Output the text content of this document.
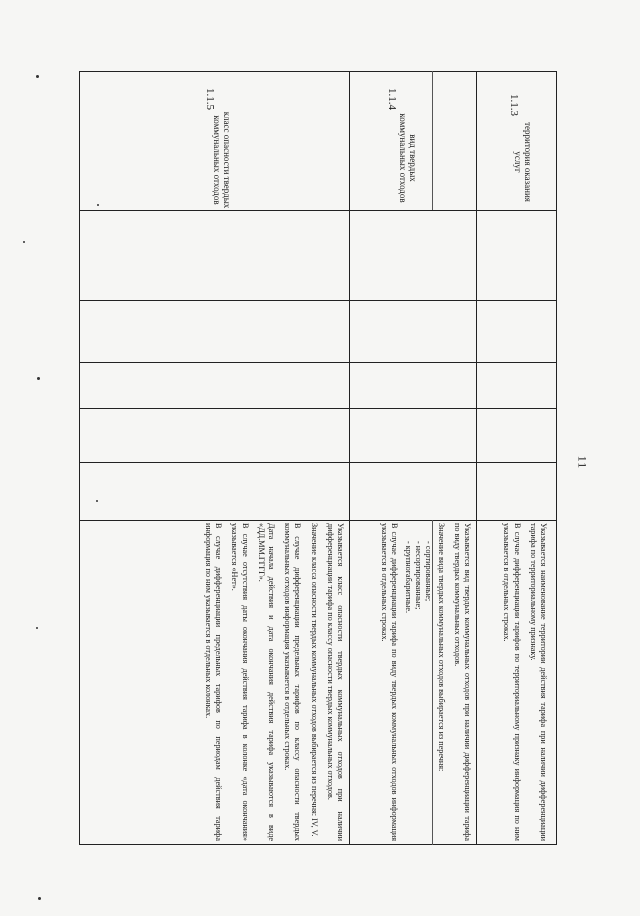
11
1.1.3
территория оказания услуг

Указывается наименование территории действия тарифа при наличии дифференциации тарифа по территориальному признаку.

В случае дифференциации тарифов по территориальному признаку информация по ним указывается в отдельных строках.

1.1.4
вид твердых коммунальных отходов

Указывается вид твердых коммунальных отходов при наличии дифференциации тарифа по виду твердых коммунальных отходов.

Значение вида твердых коммунальных отходов выбирается из перечня:

- сортированные;

- несортированные;

- крупногабаритные.

В случае дифференциации тарифа по виду твердых коммунальных отходов информация указывается в отдельных строках.

1.1.5
класс опасности твердых коммунальных отходов

Указывается класс опасности твердых коммунальных отходов при наличии дифференциации тарифа по классу опасности твердых коммунальных отходов.

Значение класса опасности твердых коммунальных отходов выбирается из перечня: IV, V.

В случае дифференциации предельных тарифов по классу опасности твердых коммунальных отходов информация указывается в отдельных строках.

Дата начала действия и дата окончания действия тарифа указываются в виде «ДД.ММ.ГГГГ».

В случае отсутствия даты окончания действия тарифа в колонке «дата окончания» указывается «Нет».

В случае дифференциации предельных тарифов по периодам действия тарифа информация по ним указывается в отдельных колонках.
